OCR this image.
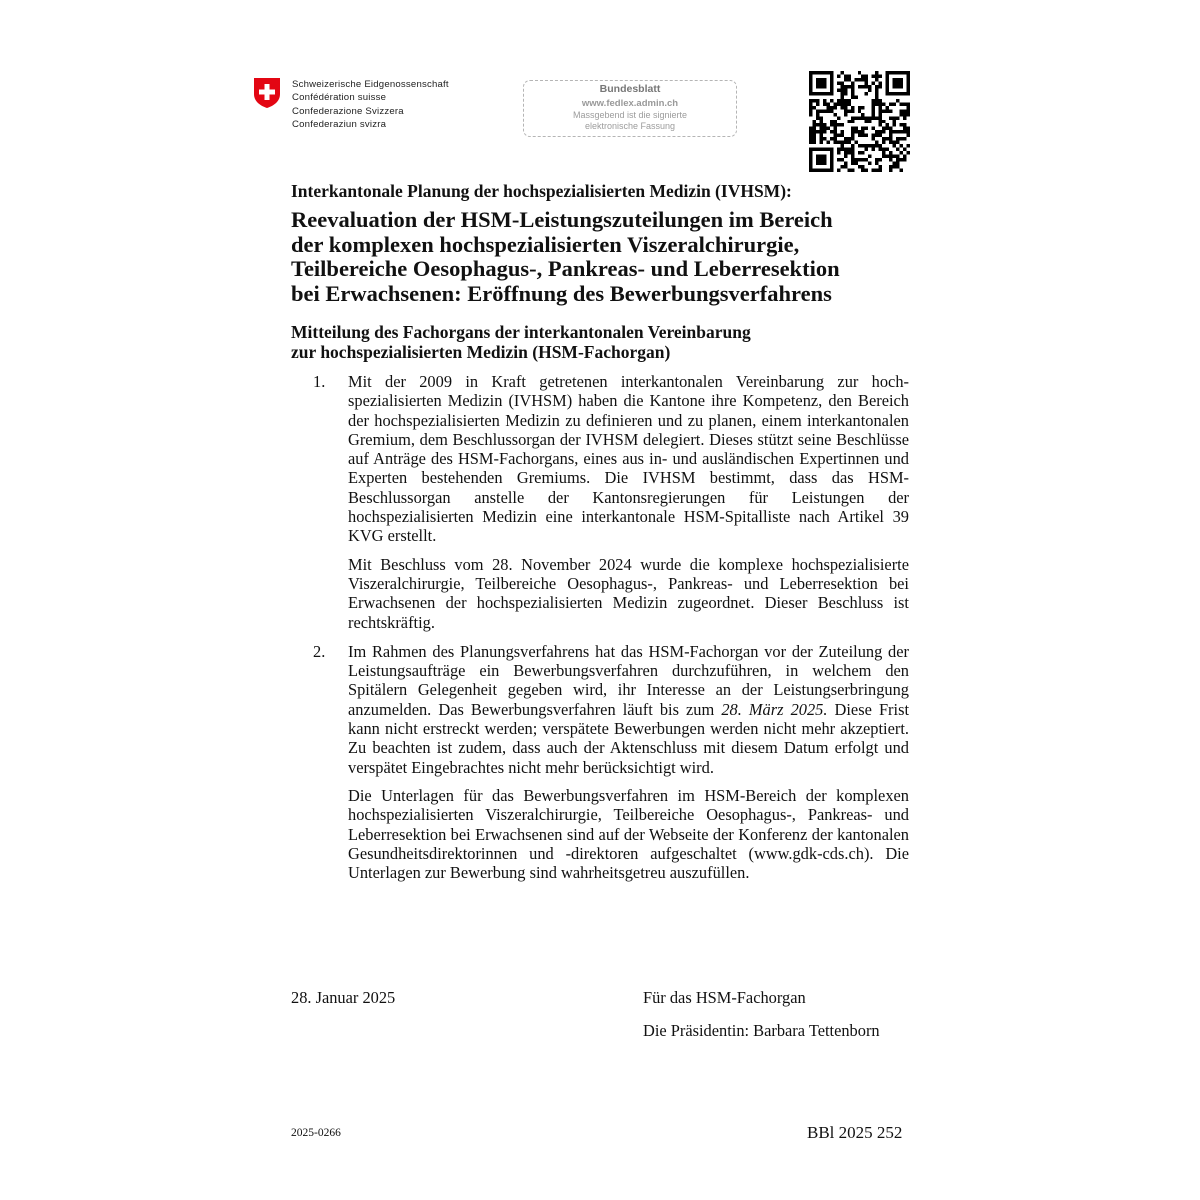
Schweizerische Eidgenossenschaft
Confédération suisse
Confederazione Svizzera
Confederaziun svizra
Bundesblatt
www.fedlex.admin.ch
Massgebend ist die signierte
elektronische Fassung
Interkantonale Planung der hochspezialisierten Medizin (IVHSM):
Reevaluation der HSM-Leistungszuteilungen im Bereich
der komplexen hochspezialisierten Viszeralchirurgie,
Teilbereiche Oesophagus-, Pankreas- und Leberresektion
bei Erwachsenen: Eröffnung des Bewerbungsverfahrens
Mitteilung des Fachorgans der interkantonalen Vereinbarung
zur hochspezialisierten Medizin (HSM-Fachorgan)
1. Mit der 2009 in Kraft getretenen interkantonalen Vereinbarung zur hochspezialisierten Medizin (IVHSM) haben die Kantone ihre Kompetenz, den Bereich der hochspezialisierten Medizin zu definieren und zu planen, einem interkantonalen Gremium, dem Beschlussorgan der IVHSM delegiert. Dieses stützt seine Beschlüsse auf Anträge des HSM-Fachorgans, eines aus in- und ausländischen Expertinnen und Experten bestehenden Gremiums. Die IVHSM bestimmt, dass das HSM-Beschlussorgan anstelle der Kantonsregierungen für Leistungen der hochspezialisierten Medizin eine interkantonale HSM-Spitalliste nach Artikel 39 KVG erstellt.

Mit Beschluss vom 28. November 2024 wurde die komplexe hochspezialisierte Viszeralchirurgie, Teilbereiche Oesophagus-, Pankreas- und Leberresektion bei Erwachsenen der hochspezialisierten Medizin zugeordnet. Dieser Beschluss ist rechtskräftig.

2. Im Rahmen des Planungsverfahrens hat das HSM-Fachorgan vor der Zuteilung der Leistungsaufträge ein Bewerbungsverfahren durchzuführen, in welchem den Spitälern Gelegenheit gegeben wird, ihr Interesse an der Leistungserbringung anzumelden. Das Bewerbungsverfahren läuft bis zum 28. März 2025. Diese Frist kann nicht erstreckt werden; verspätete Bewerbungen werden nicht mehr akzeptiert. Zu beachten ist zudem, dass auch der Aktenschluss mit diesem Datum erfolgt und verspätet Eingebrachtes nicht mehr berücksichtigt wird.

Die Unterlagen für das Bewerbungsverfahren im HSM-Bereich der komplexen hochspezialisierten Viszeralchirurgie, Teilbereiche Oesophagus-, Pankreas- und Leberresektion bei Erwachsenen sind auf der Webseite der Konferenz der kantonalen Gesundheitsdirektorinnen und -direktoren aufgeschaltet (www.gdk-cds.ch). Die Unterlagen zur Bewerbung sind wahrheitsgetreu auszufüllen.

28. Januar 2025	Für das HSM-Fachorgan
Die Präsidentin: Barbara Tettenborn
2025-0266	BBl 2025 252
